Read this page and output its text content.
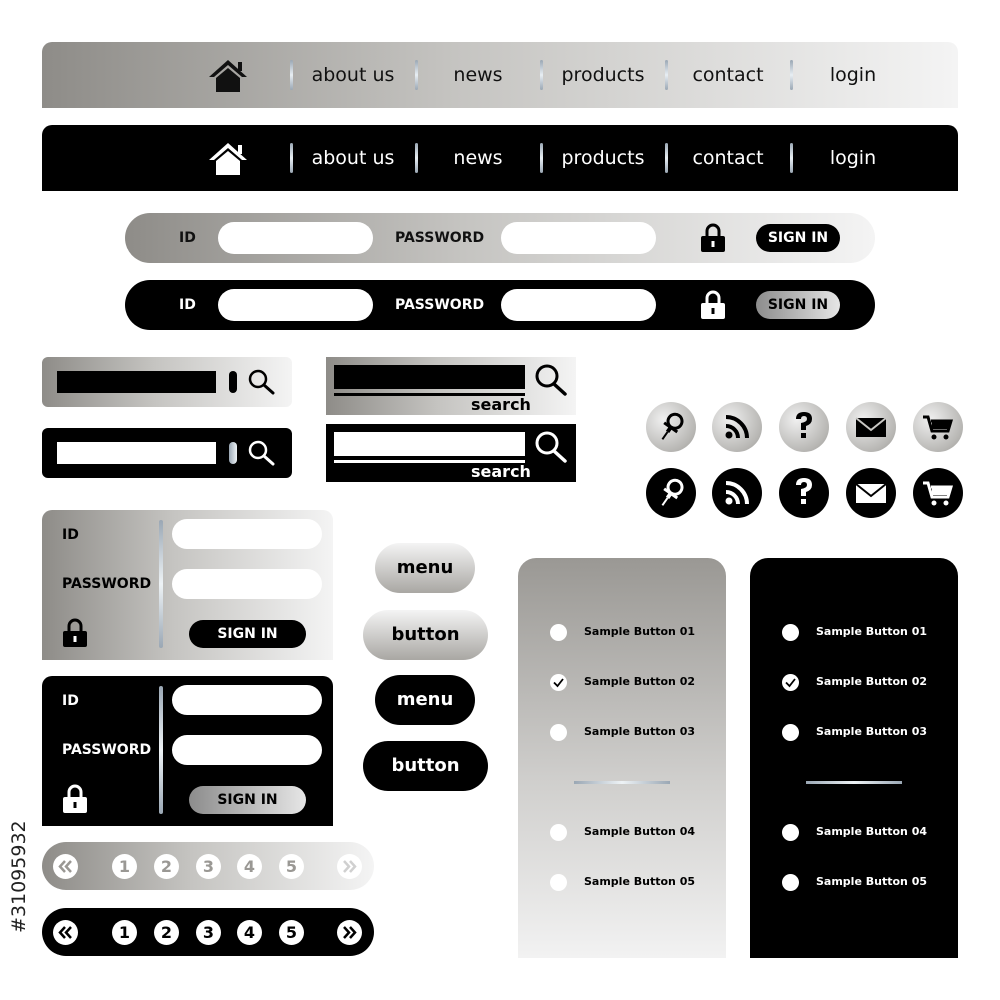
about us	news	products	contact	login
about us	news	products	contact	login
ID	PASSWORD	SIGN IN
ID	PASSWORD	SIGN IN
search
search
ID
PASSWORD
SIGN IN
ID
PASSWORD
SIGN IN
menu
button
menu
button
1	2	3	4	5
1	2	3	4	5
Sample Button 01
Sample Button 02
Sample Button 03
Sample Button 04
Sample Button 05
Sample Button 01
Sample Button 02
Sample Button 03
Sample Button 04
Sample Button 05
#31095932
